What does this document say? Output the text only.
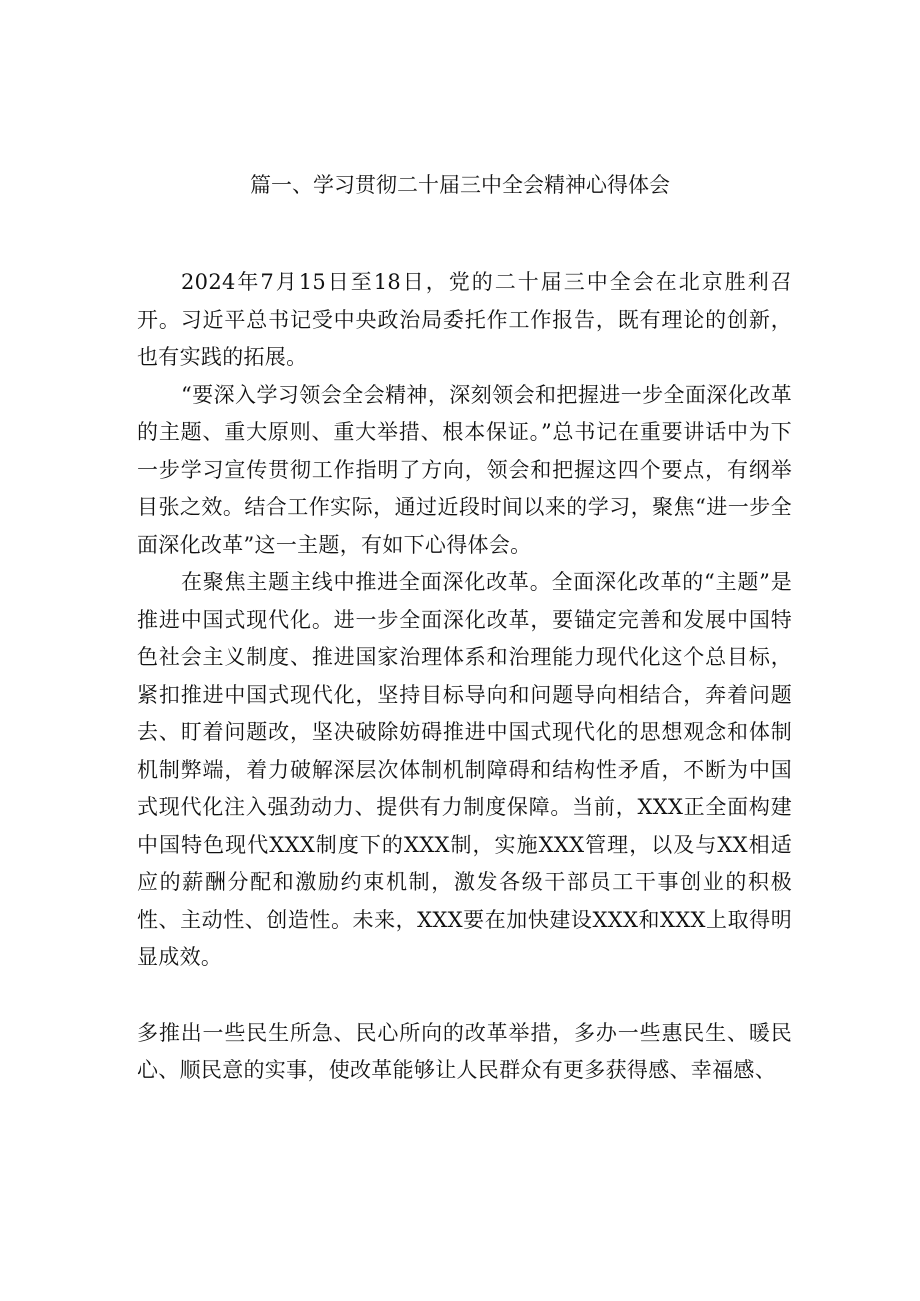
篇一、学习贯彻二十届三中全会精神心得体会

2024年7月15日至18日，党的二十届三中全会在北京胜利召开。习近平总书记受中央政治局委托作工作报告，既有理论的创新，也有实践的拓展。

“要深入学习领会全会精神，深刻领会和把握进一步全面深化改革的主题、重大原则、重大举措、根本保证。”总书记在重要讲话中为下一步学习宣传贯彻工作指明了方向，领会和把握这四个要点，有纲举目张之效。结合工作实际，通过近段时间以来的学习，聚焦“进一步全面深化改革”这一主题，有如下心得体会。

在聚焦主题主线中推进全面深化改革。全面深化改革的“主题”是推进中国式现代化。进一步全面深化改革，要锚定完善和发展中国特色社会主义制度、推进国家治理体系和治理能力现代化这个总目标，紧扣推进中国式现代化，坚持目标导向和问题导向相结合，奔着问题去、盯着问题改，坚决破除妨碍推进中国式现代化的思想观念和体制机制弊端，着力破解深层次体制机制障碍和结构性矛盾，不断为中国式现代化注入强劲动力、提供有力制度保障。当前，XXX正全面构建中国特色现代XXX制度下的XXX制，实施XXX管理，以及与XX相适应的薪酬分配和激励约束机制，激发各级干部员工干事创业的积极性、主动性、创造性。未来，XXX要在加快建设XXX和XXX上取得明显成效。

多推出一些民生所急、民心所向的改革举措，多办一些惠民生、暖民心、顺民意的实事，使改革能够让人民群众有更多获得感、幸福感、
